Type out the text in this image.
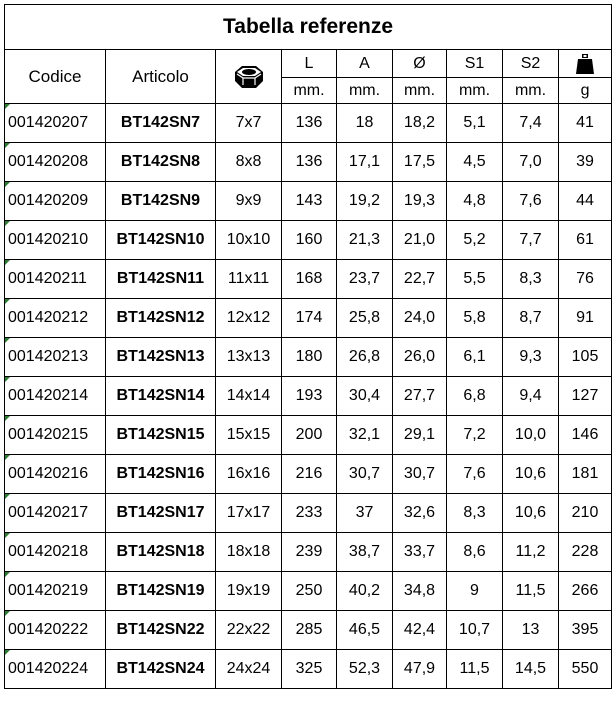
Tabella referenze								
Codice	Articolo		L	A	Ø	S1	S2	
			mm.	mm.	mm.	mm.	mm.	g

001420207	BT142SN7	7x7	136	18	18,2	5,1	7,4	41

001420208	BT142SN8	8x8	136	17,1	17,5	4,5	7,0	39

001420209	BT142SN9	9x9	143	19,2	19,3	4,8	7,6	44

001420210	BT142SN10	10x10	160	21,3	21,0	5,2	7,7	61

001420211	BT142SN11	11x11	168	23,7	22,7	5,5	8,3	76

001420212	BT142SN12	12x12	174	25,8	24,0	5,8	8,7	91

001420213	BT142SN13	13x13	180	26,8	26,0	6,1	9,3	105

001420214	BT142SN14	14x14	193	30,4	27,7	6,8	9,4	127

001420215	BT142SN15	15x15	200	32,1	29,1	7,2	10,0	146

001420216	BT142SN16	16x16	216	30,7	30,7	7,6	10,6	181

001420217	BT142SN17	17x17	233	37	32,6	8,3	10,6	210

001420218	BT142SN18	18x18	239	38,7	33,7	8,6	11,2	228

001420219	BT142SN19	19x19	250	40,2	34,8	9	11,5	266

001420222	BT142SN22	22x22	285	46,5	42,4	10,7	13	395

001420224	BT142SN24	24x24	325	52,3	47,9	11,5	14,5	550
